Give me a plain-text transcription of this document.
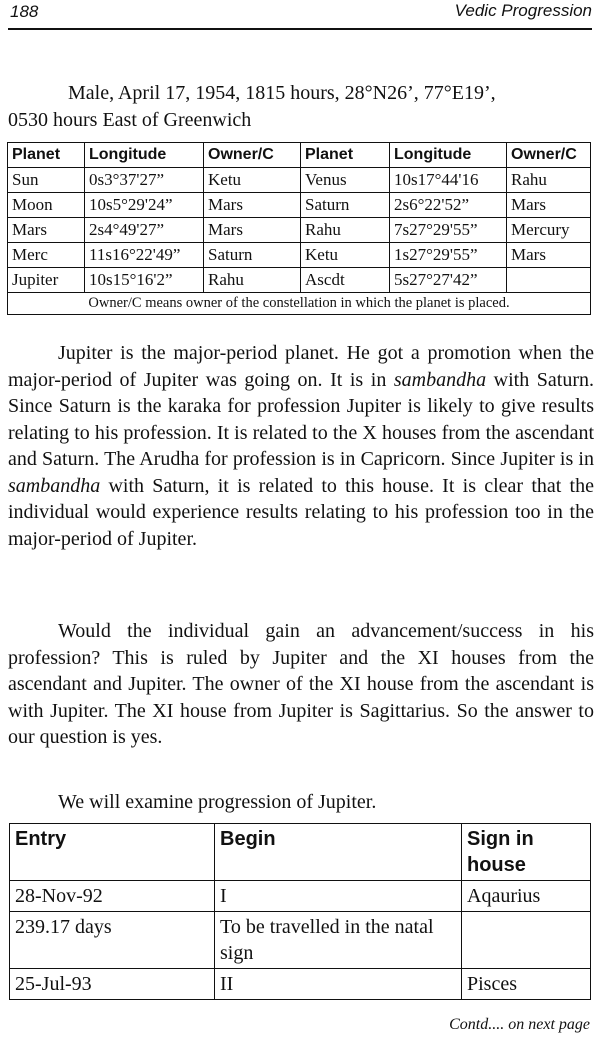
188	Vedic Progression
Male, April 17, 1954, 1815 hours, 28°N26’, 77°E19’,
0530 hours East of Greenwich
Planet	Longitude	Owner/C	Planet	Longitude	Owner/C
Sun	0s3°37'27”	Ketu	Venus	10s17°44'16	Rahu
Moon	10s5°29'24”	Mars	Saturn	2s6°22'52”	Mars
Mars	2s4°49'27”	Mars	Rahu	7s27°29'55”	Mercury
Merc	11s16°22'49”	Saturn	Ketu	1s27°29'55”	Mars
Jupiter	10s15°16'2”	Rahu	Ascdt	5s27°27'42”	
Owner/C means owner of the constellation in which the planet is placed.					

Jupiter is the major-period planet. He got a promotion when the major-period of Jupiter was going on. It is in sambandha with Saturn. Since Saturn is the karaka for profession Jupiter is likely to give results relating to his profession. It is related to the X houses from the ascendant and Saturn. The Arudha for profession is in Capricorn. Since Jupiter is in sambandha with Saturn, it is related to this house. It is clear that the individual would experience results relating to his profession too in the major-period of Jupiter.

Would the individual gain an advancement/success in his profession? This is ruled by Jupiter and the XI houses from the ascendant and Jupiter. The owner of the XI house from the ascendant is with Jupiter. The XI house from Jupiter is Sagittarius. So the answer to our question is yes.

We will examine progression of Jupiter.

Entry	Begin	Sign in house
28-Nov-92	I	Aqaurius
239.17 days	To be travelled in the natal sign	
25-Jul-93	II	Pisces
Contd.... on next page
